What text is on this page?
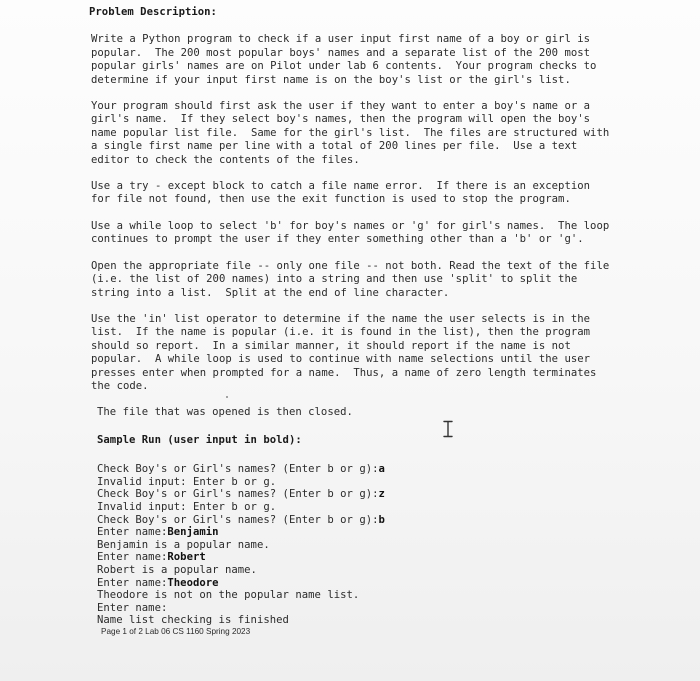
Problem Description:
Write a Python program to check if a user input first name of a boy or girl is
popular.  The 200 most popular boys' names and a separate list of the 200 most
popular girls' names are on Pilot under lab 6 contents.  Your program checks to
determine if your input first name is on the boy's list or the girl's list.
Your program should first ask the user if they want to enter a boy's name or a
girl's name.  If they select boy's names, then the program will open the boy's
name popular list file.  Same for the girl's list.  The files are structured with
a single first name per line with a total of 200 lines per file.  Use a text
editor to check the contents of the files.
Use a try - except block to catch a file name error.  If there is an exception
for file not found, then use the exit function is used to stop the program.
Use a while loop to select 'b' for boy's names or 'g' for girl's names.  The loop
continues to prompt the user if they enter something other than a 'b' or 'g'.
Open the appropriate file -- only one file -- not both. Read the text of the file
(i.e. the list of 200 names) into a string and then use 'split' to split the
string into a list.  Split at the end of line character.
Use the 'in' list operator to determine if the name the user selects is in the
list.  If the name is popular (i.e. it is found in the list), then the program
should so report.  In a similar manner, it should report if the name is not
popular.  A while loop is used to continue with name selections until the user
presses enter when prompted for a name.  Thus, a name of zero length terminates
the code.
The file that was opened is then closed.
Sample Run (user input in bold):
Check Boy's or Girl's names? (Enter b or g):a
Invalid input: Enter b or g.
Check Boy's or Girl's names? (Enter b or g):z
Invalid input: Enter b or g.
Check Boy's or Girl's names? (Enter b or g):b
Enter name:Benjamin
Benjamin is a popular name.
Enter name:Robert
Robert is a popular name.
Enter name:Theodore
Theodore is not on the popular name list.
Enter name:
Name list checking is finished
Page 1 of 2 Lab 06 CS 1160 Spring 2023
